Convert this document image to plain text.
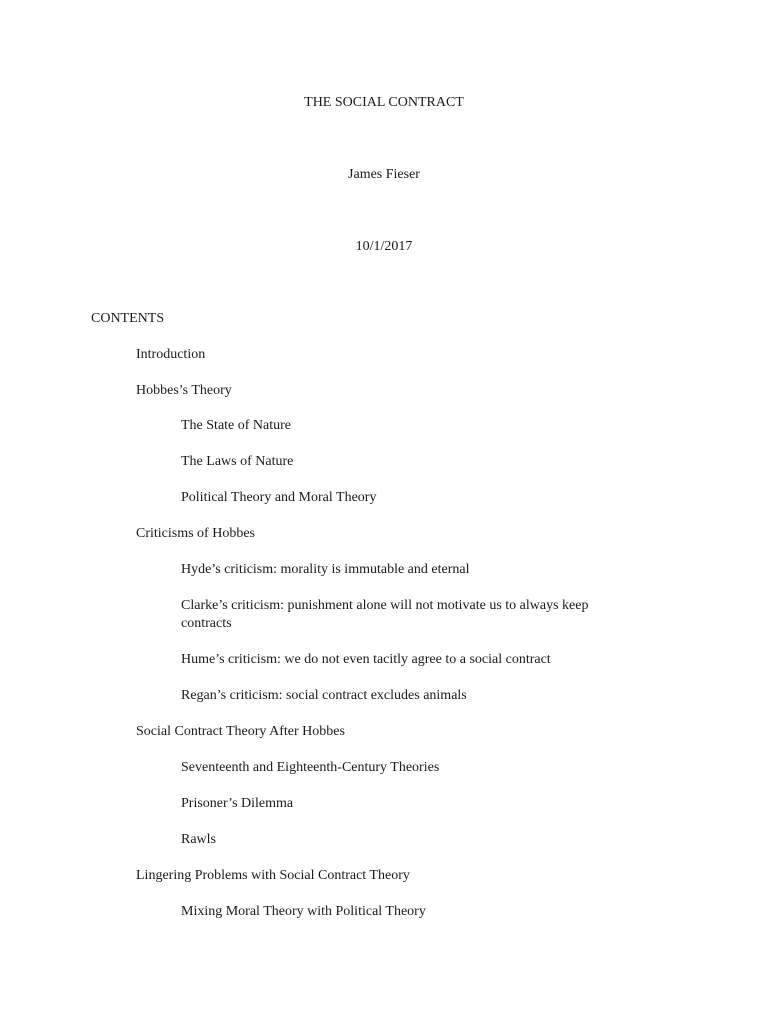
THE SOCIAL CONTRACT
James Fieser
10/1/2017
CONTENTS
Introduction
Hobbes’s Theory
The State of Nature
The Laws of Nature
Political Theory and Moral Theory
Criticisms of Hobbes
Hyde’s criticism: morality is immutable and eternal
Clarke’s criticism: punishment alone will not motivate us to always keep contracts
Hume’s criticism: we do not even tacitly agree to a social contract
Regan’s criticism: social contract excludes animals
Social Contract Theory After Hobbes
Seventeenth and Eighteenth-Century Theories
Prisoner’s Dilemma
Rawls
Lingering Problems with Social Contract Theory
Mixing Moral Theory with Political Theory
